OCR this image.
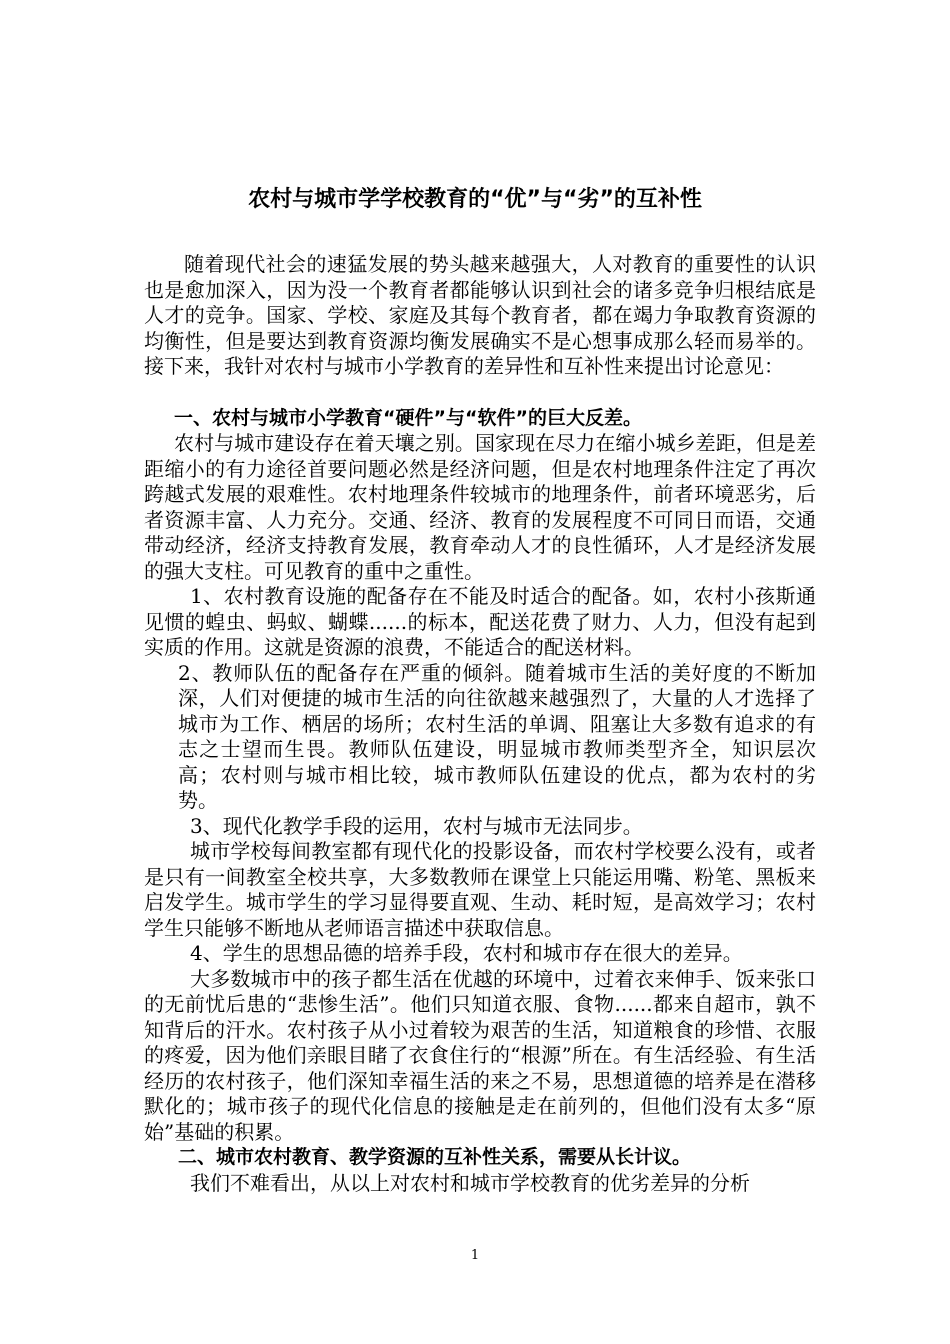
农村与城市学学校教育的“优”与“劣”的互补性

随着现代社会的速猛发展的势头越来越强大，人对教育的重要性的认识也是愈加深入，因为没一个教育者都能够认识到社会的诸多竞争归根结底是人才的竞争。国家、学校、家庭及其每个教育者，都在竭力争取教育资源的均衡性，但是要达到教育资源均衡发展确实不是心想事成那么轻而易举的。接下来，我针对农村与城市小学教育的差异性和互补性来提出讨论意见：

一、农村与城市小学教育“硬件”与“软件”的巨大反差。

农村与城市建设存在着天壤之别。国家现在尽力在缩小城乡差距，但是差距缩小的有力途径首要问题必然是经济问题，但是农村地理条件注定了再次跨越式发展的艰难性。农村地理条件较城市的地理条件，前者环境恶劣，后者资源丰富、人力充分。交通、经济、教育的发展程度不可同日而语，交通带动经济，经济支持教育发展，教育牵动人才的良性循环，人才是经济发展的强大支柱。可见教育的重中之重性。

1、农村教育设施的配备存在不能及时适合的配备。如，农村小孩斯通见惯的蝗虫、蚂蚁、蝴蝶......的标本，配送花费了财力、人力，但没有起到实质的作用。这就是资源的浪费，不能适合的配送材料。

2、教师队伍的配备存在严重的倾斜。随着城市生活的美好度的不断加深，人们对便捷的城市生活的向往欲越来越强烈了，大量的人才选择了城市为工作、栖居的场所；农村生活的单调、阻塞让大多数有追求的有志之士望而生畏。教师队伍建设，明显城市教师类型齐全，知识层次高；农村则与城市相比较，城市教师队伍建设的优点，都为农村的劣势。

3、现代化教学手段的运用，农村与城市无法同步。

城市学校每间教室都有现代化的投影设备，而农村学校要么没有，或者是只有一间教室全校共享，大多数教师在课堂上只能运用嘴、粉笔、黑板来启发学生。城市学生的学习显得要直观、生动、耗时短，是高效学习；农村学生只能够不断地从老师语言描述中获取信息。

4、学生的思想品德的培养手段，农村和城市存在很大的差异。

大多数城市中的孩子都生活在优越的环境中，过着衣来伸手、饭来张口的无前忧后患的“悲惨生活”。他们只知道衣服、食物......都来自超市，孰不知背后的汗水。农村孩子从小过着较为艰苦的生活，知道粮食的珍惜、衣服的疼爱，因为他们亲眼目睹了衣食住行的“根源”所在。有生活经验、有生活经历的农村孩子，他们深知幸福生活的来之不易，思想道德的培养是在潜移默化的；城市孩子的现代化信息的接触是走在前列的，但他们没有太多“原始”基础的积累。

二、城市农村教育、教学资源的互补性关系，需要从长计议。

我们不难看出，从以上对农村和城市学校教育的优劣差异的分析

1
